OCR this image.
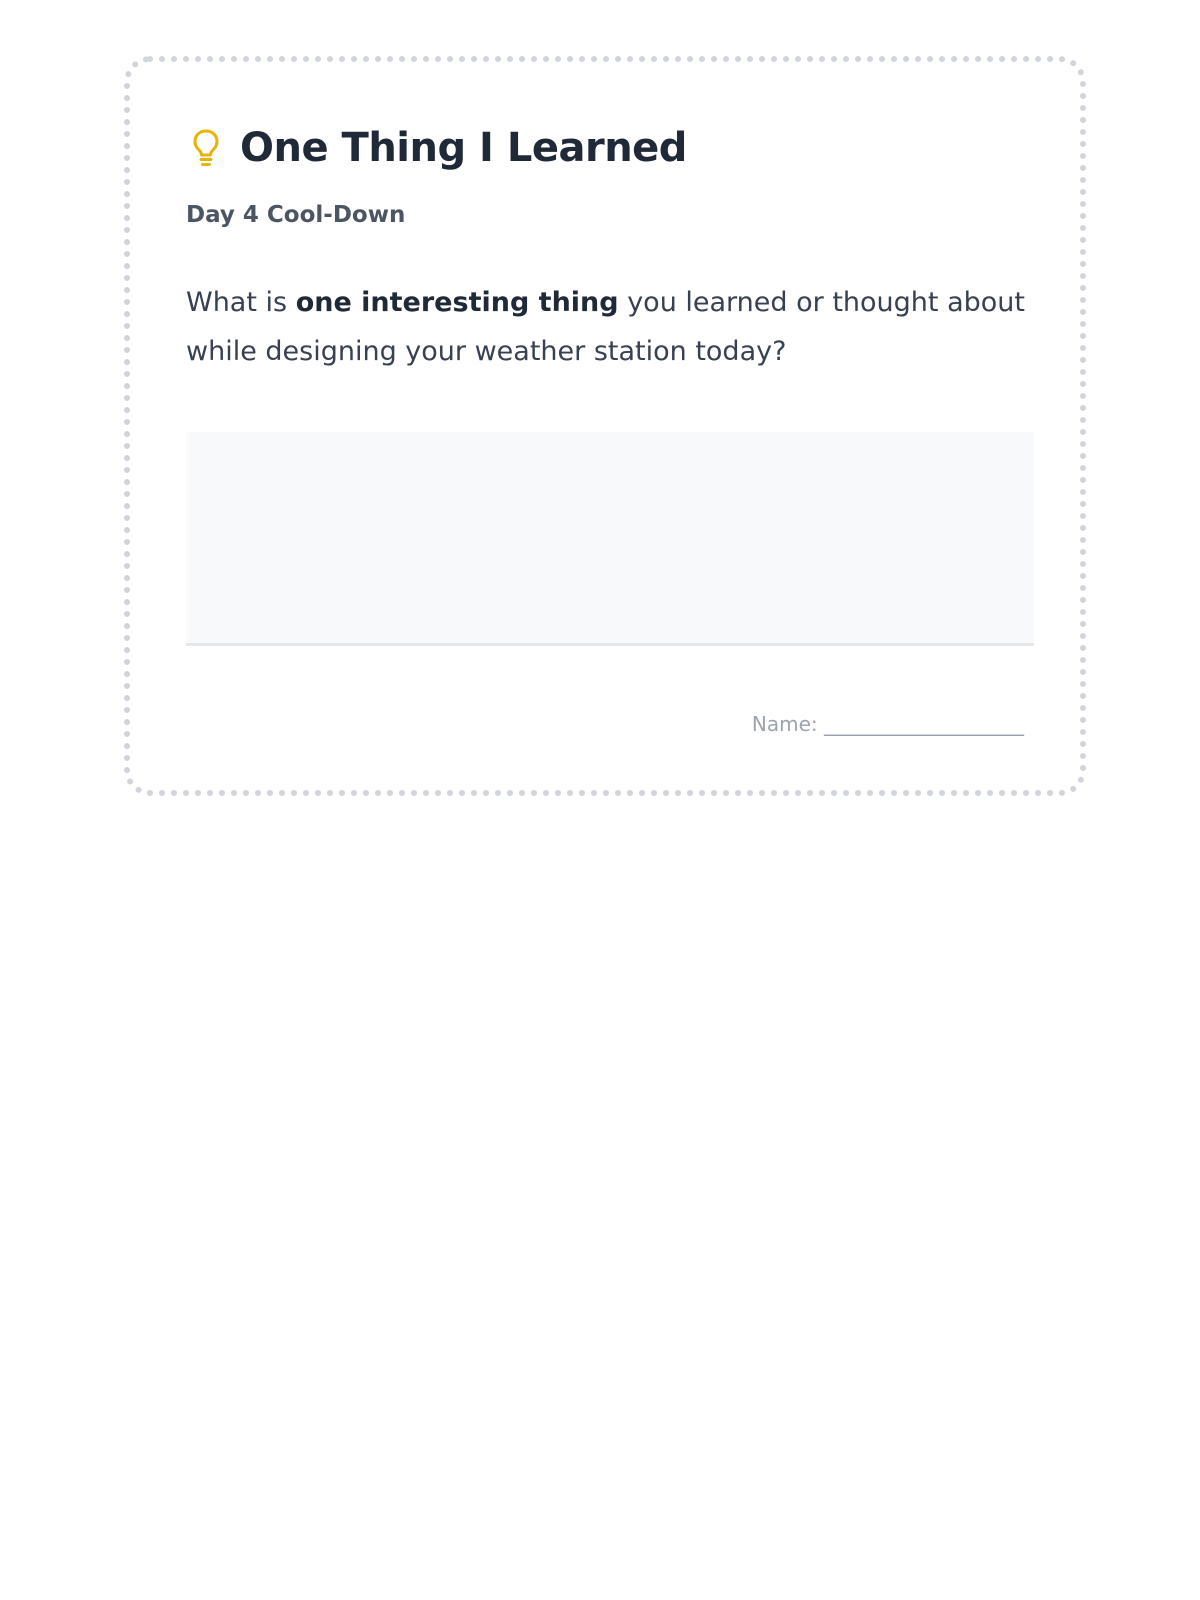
One Thing I Learned
Day 4 Cool-Down
What is one interesting thing you learned or thought about while designing your weather station today?
Name: ____________________
